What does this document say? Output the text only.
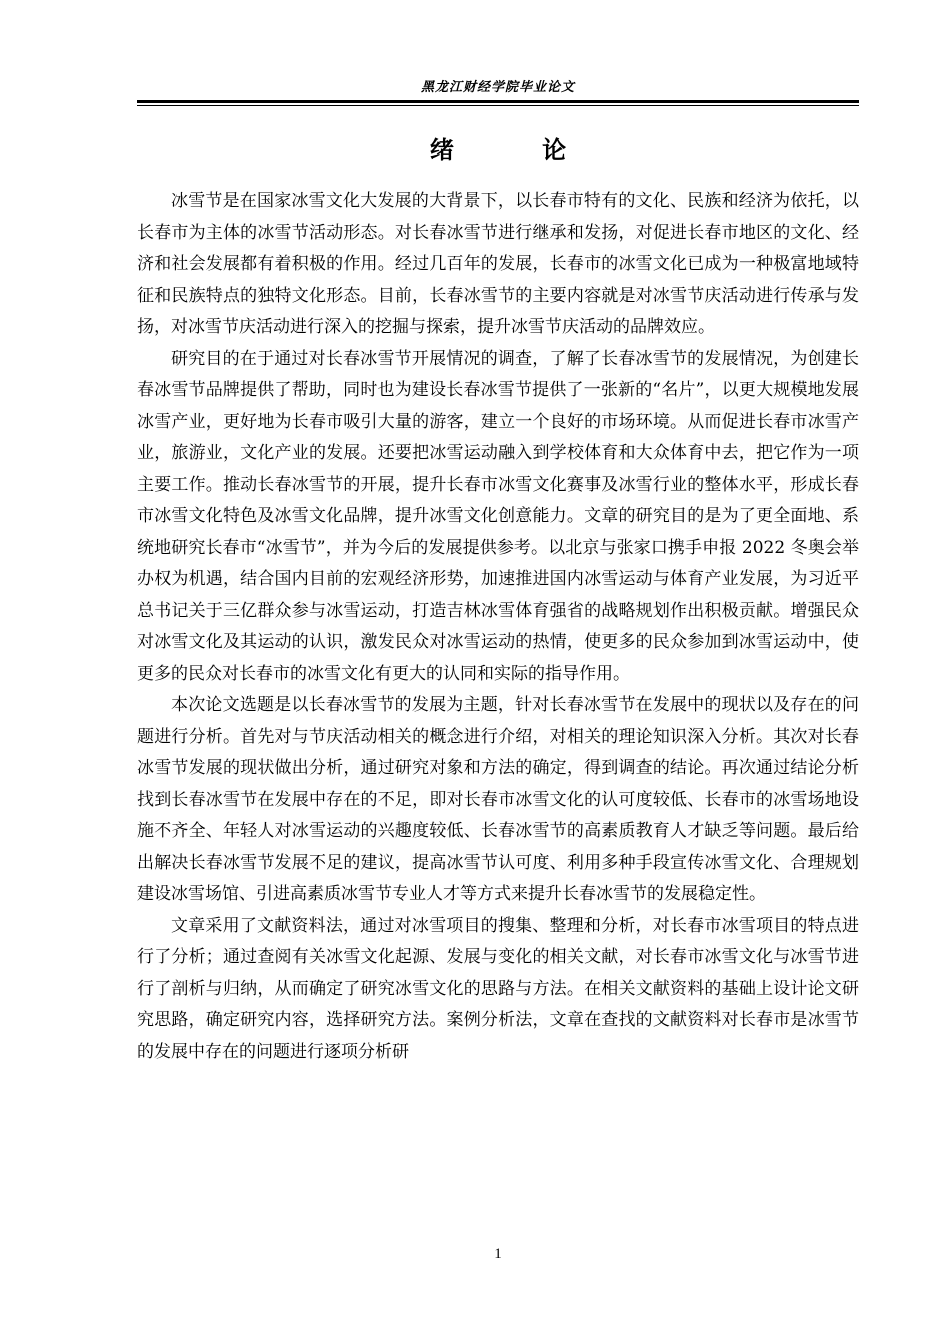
黑龙江财经学院毕业论文
绪 论

冰雪节是在国家冰雪文化大发展的大背景下，以长春市特有的文化、民族和经济为依托，以长春市为主体的冰雪节活动形态。对长春冰雪节进行继承和发扬，对促进长春市地区的文化、经济和社会发展都有着积极的作用。经过几百年的发展，长春市的冰雪文化已成为一种极富地域特征和民族特点的独特文化形态。目前，长春冰雪节的主要内容就是对冰雪节庆活动进行传承与发扬，对冰雪节庆活动进行深入的挖掘与探索，提升冰雪节庆活动的品牌效应。

研究目的在于通过对长春冰雪节开展情况的调查，了解了长春冰雪节的发展情况，为创建长春冰雪节品牌提供了帮助，同时也为建设长春冰雪节提供了一张新的“名片”，以更大规模地发展冰雪产业，更好地为长春市吸引大量的游客，建立一个良好的市场环境。从而促进长春市冰雪产业，旅游业，文化产业的发展。还要把冰雪运动融入到学校体育和大众体育中去，把它作为一项主要工作。推动长春冰雪节的开展，提升长春市冰雪文化赛事及冰雪行业的整体水平，形成长春市冰雪文化特色及冰雪文化品牌，提升冰雪文化创意能力。文章的研究目的是为了更全面地、系统地研究长春市“冰雪节”，并为今后的发展提供参考。以北京与张家口携手申报 2022 冬奥会举办权为机遇，结合国内目前的宏观经济形势，加速推进国内冰雪运动与体育产业发展，为习近平总书记关于三亿群众参与冰雪运动，打造吉林冰雪体育强省的战略规划作出积极贡献。增强民众对冰雪文化及其运动的认识，激发民众对冰雪运动的热情，使更多的民众参加到冰雪运动中，使更多的民众对长春市的冰雪文化有更大的认同和实际的指导作用。

本次论文选题是以长春冰雪节的发展为主题，针对长春冰雪节在发展中的现状以及存在的问题进行分析。首先对与节庆活动相关的概念进行介绍，对相关的理论知识深入分析。其次对长春冰雪节发展的现状做出分析，通过研究对象和方法的确定，得到调查的结论。再次通过结论分析找到长春冰雪节在发展中存在的不足，即对长春市冰雪文化的认可度较低、长春市的冰雪场地设施不齐全、年轻人对冰雪运动的兴趣度较低、长春冰雪节的高素质教育人才缺乏等问题。最后给出解决长春冰雪节发展不足的建议，提高冰雪节认可度、利用多种手段宣传冰雪文化、合理规划建设冰雪场馆、引进高素质冰雪节专业人才等方式来提升长春冰雪节的发展稳定性。

文章采用了文献资料法，通过对冰雪项目的搜集、整理和分析，对长春市冰雪项目的特点进行了分析；通过查阅有关冰雪文化起源、发展与变化的相关文献，对长春市冰雪文化与冰雪节进行了剖析与归纳，从而确定了研究冰雪文化的思路与方法。在相关文献资料的基础上设计论文研究思路，确定研究内容，选择研究方法。案例分析法，文章在查找的文献资料对长春市是冰雪节的发展中存在的问题进行逐项分析研

1
